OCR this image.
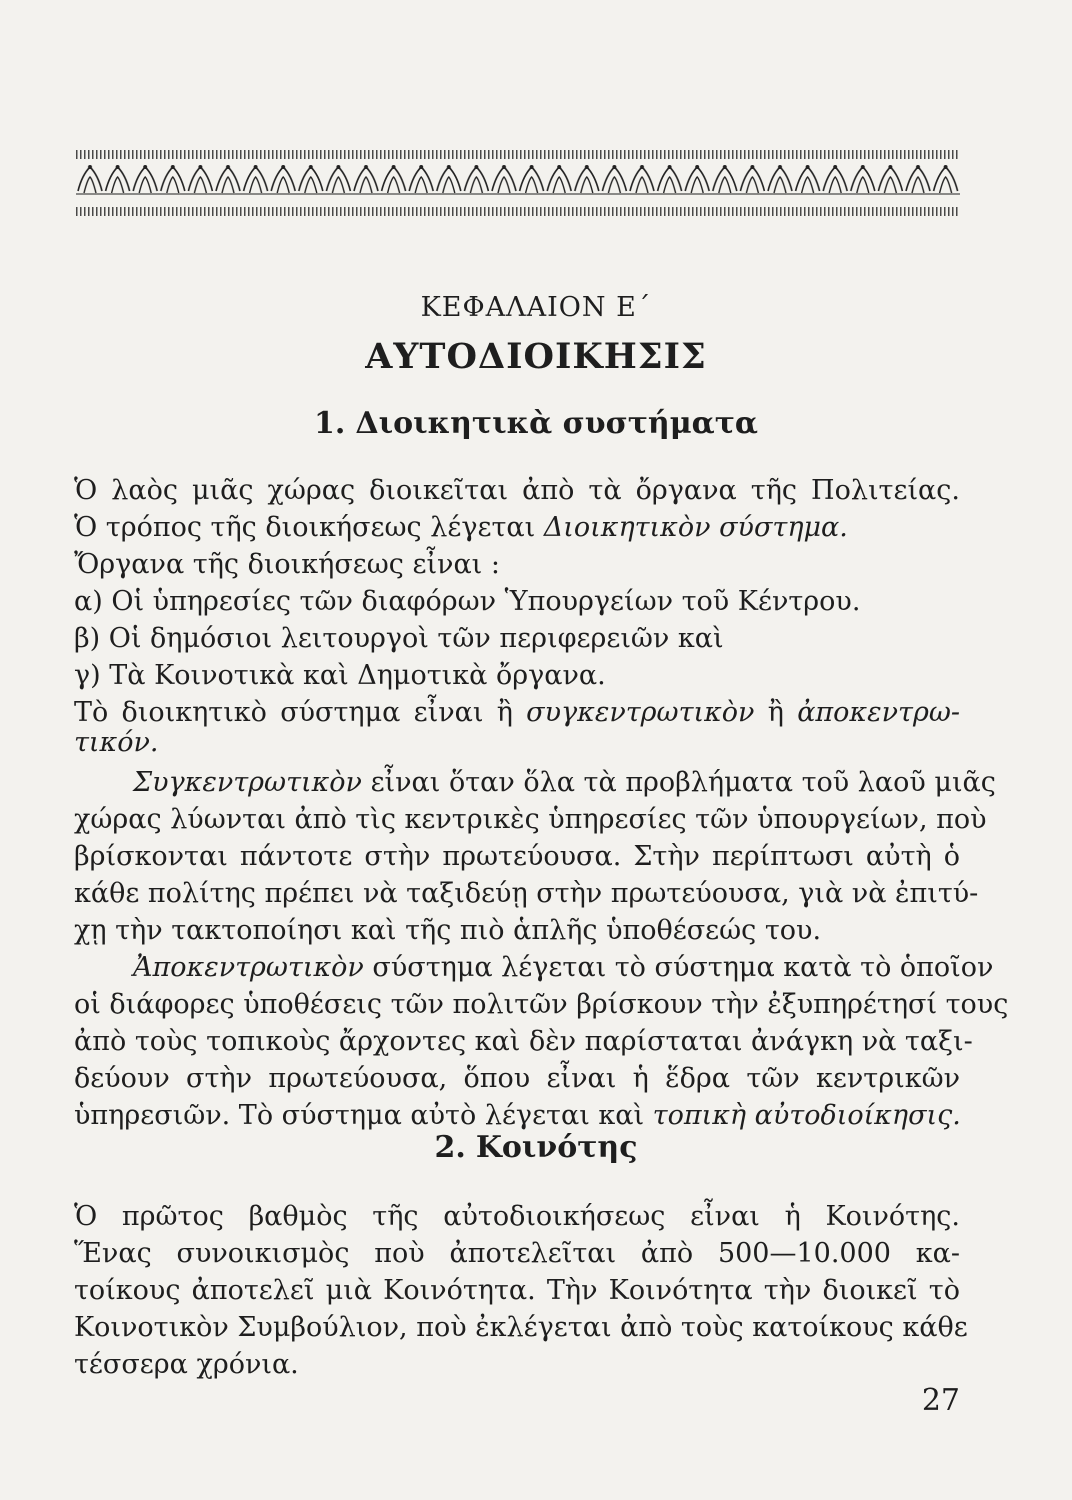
ΚΕΦΑΛΑΙΟΝ Ε΄
ΑΥΤΟΔΙΟΙΚΗΣΙΣ
1. Διοικητικὰ συστήματα
Ὁ λαὸς μιᾶς χώρας διοικεῖται ἀπὸ τὰ ὄργανα τῆς Πολιτείας.
Ὁ τρόπος τῆς διοικήσεως λέγεται Διοικητικὸν σύστημα.
Ὄργανα τῆς διοικήσεως εἶναι :
α) Οἱ ὑπηρεσίες τῶν διαφόρων Ὑπουργείων τοῦ Κέντρου.
β) Οἱ δημόσιοι λειτουργοὶ τῶν περιφερειῶν καὶ
γ) Τὰ Κοινοτικὰ καὶ Δημοτικὰ ὄργανα.
Τὸ διοικητικὸ σύστημα εἶναι ἢ συγκεντρωτικὸν ἢ ἀποκεντρω-
τικόν.
Συγκεντρωτικὸν εἶναι ὅταν ὅλα τὰ προβλήματα τοῦ λαοῦ μιᾶς
χώρας λύωνται ἀπὸ τὶς κεντρικὲς ὑπηρεσίες τῶν ὑπουργείων, ποὺ
βρίσκονται πάντοτε στὴν πρωτεύουσα. Στὴν περίπτωσι αὐτὴ ὁ
κάθε πολίτης πρέπει νὰ ταξιδεύῃ στὴν πρωτεύουσα, γιὰ νὰ ἐπιτύ-
χῃ τὴν τακτοποίησι καὶ τῆς πιὸ ἁπλῆς ὑποθέσεώς του.
Ἀποκεντρωτικὸν σύστημα λέγεται τὸ σύστημα κατὰ τὸ ὁποῖον
οἱ διάφορες ὑποθέσεις τῶν πολιτῶν βρίσκουν τὴν ἐξυπηρέτησί τους
ἀπὸ τοὺς τοπικοὺς ἄρχοντες καὶ δὲν παρίσταται ἀνάγκη νὰ ταξι-
δεύουν στὴν πρωτεύουσα, ὅπου εἶναι ἡ ἕδρα τῶν κεντρικῶν
ὑπηρεσιῶν. Τὸ σύστημα αὐτὸ λέγεται καὶ τοπικὴ αὐτοδιοίκησις.
2. Κοινότης
Ὁ πρῶτος βαθμὸς τῆς αὐτοδιοικήσεως εἶναι ἡ Κοινότης.
Ἕνας συνοικισμὸς ποὺ ἀποτελεῖται ἀπὸ 500—10.000 κα-
τοίκους ἀποτελεῖ μιὰ Κοινότητα. Τὴν Κοινότητα τὴν διοικεῖ τὸ
Κοινοτικὸν Συμβούλιον, ποὺ ἐκλέγεται ἀπὸ τοὺς κατοίκους κάθε
τέσσερα χρόνια.
27
